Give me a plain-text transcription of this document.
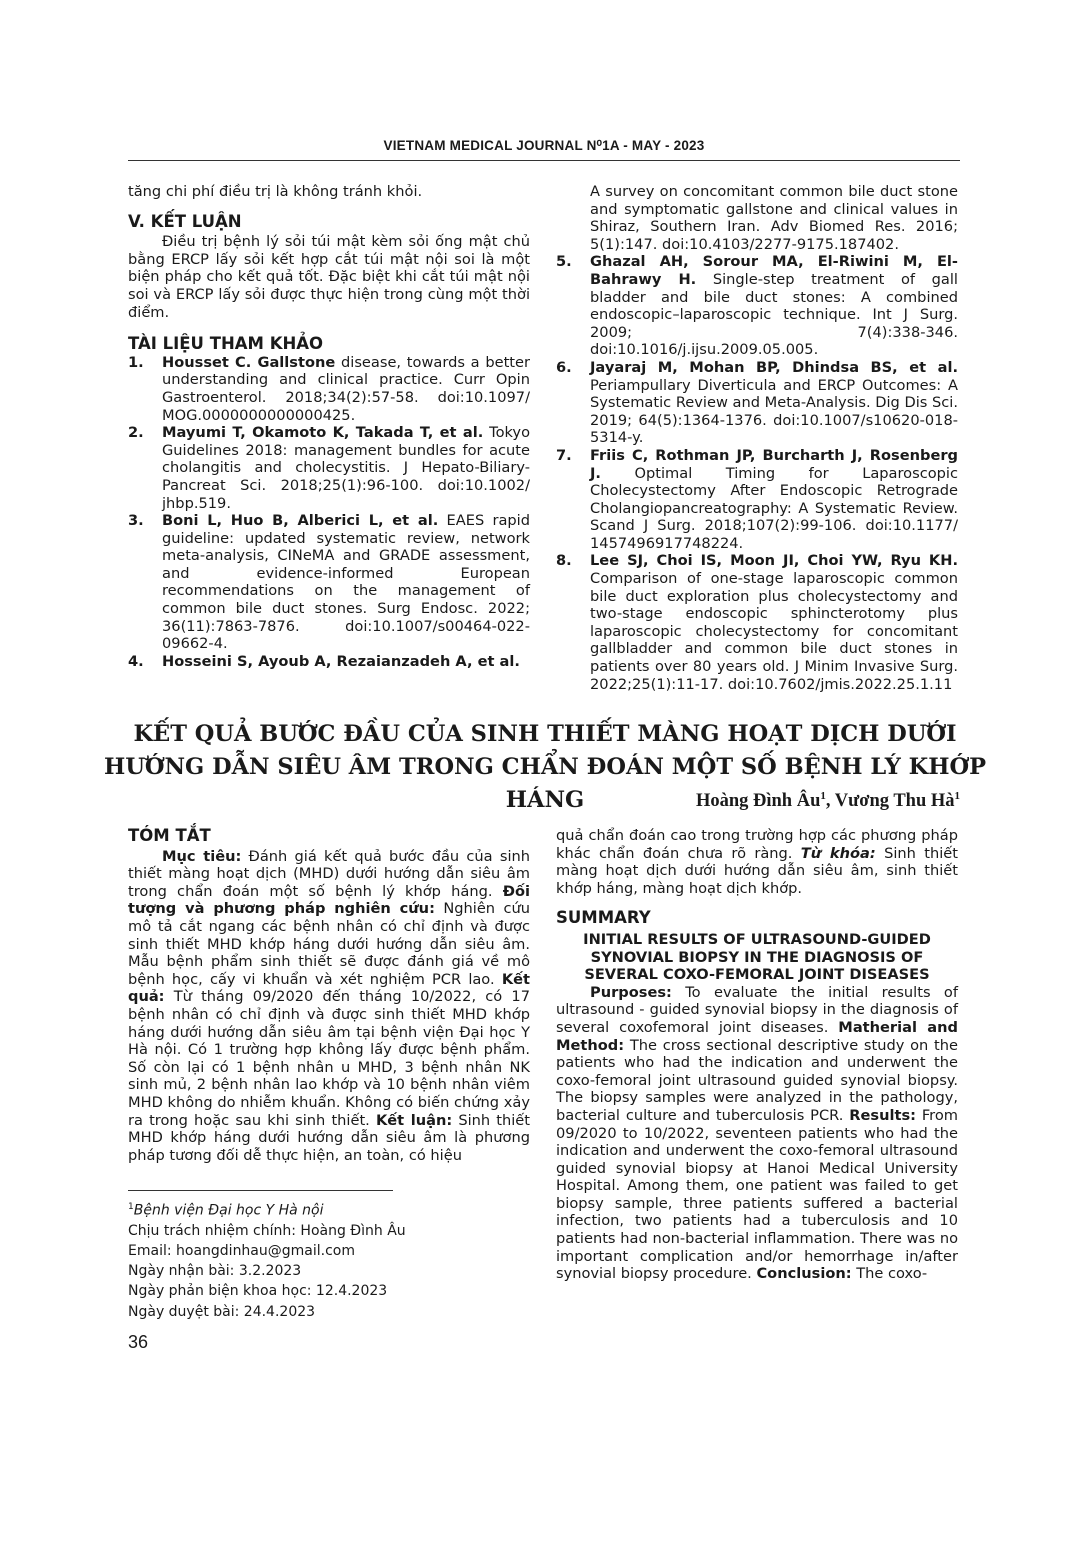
VIETNAM MEDICAL JOURNAL N⁰1A - MAY - 2023

tăng chi phí điều trị là không tránh khỏi.

V. KẾT LUẬN

Điều trị bệnh lý sỏi túi mật kèm sỏi ống mật chủ bằng ERCP lấy sỏi kết hợp cắt túi mật nội soi là một biện pháp cho kết quả tốt. Đặc biệt khi cắt túi mật nội soi và ERCP lấy sỏi được thực hiện trong cùng một thời điểm.

TÀI LIỆU THAM KHẢO

1. Housset C. Gallstone disease, towards a better understanding and clinical practice. Curr Opin Gastroenterol. 2018;34(2):57-58. doi:10.1097/ MOG.0000000000000425.
2. Mayumi T, Okamoto K, Takada T, et al. Tokyo Guidelines 2018: management bundles for acute cholangitis and cholecystitis. J Hepato-Biliary-Pancreat Sci. 2018;25(1):96-100. doi:10.1002/ jhbp.519.
3. Boni L, Huo B, Alberici L, et al. EAES rapid guideline: updated systematic review, network meta-analysis, CINeMA and GRADE assessment, and evidence-informed European recommendations on the management of common bile duct stones. Surg Endosc. 2022; 36(11):7863-7876. doi:10.1007/s00464-022-09662-4.
4. Hosseini S, Ayoub A, Rezaianzadeh A, et al.
A survey on concomitant common bile duct stone and symptomatic gallstone and clinical values in Shiraz, Southern Iran. Adv Biomed Res. 2016; 5(1):147. doi:10.4103/2277-9175.187402.
5. Ghazal AH, Sorour MA, El-Riwini M, El-Bahrawy H. Single-step treatment of gall bladder and bile duct stones: A combined endoscopic–laparoscopic technique. Int J Surg. 2009; 7(4):338-346. doi:10.1016/j.ijsu.2009.05.005.
6. Jayaraj M, Mohan BP, Dhindsa BS, et al. Periampullary Diverticula and ERCP Outcomes: A Systematic Review and Meta-Analysis. Dig Dis Sci. 2019; 64(5):1364-1376. doi:10.1007/s10620-018-5314-y.
7. Friis C, Rothman JP, Burcharth J, Rosenberg J. Optimal Timing for Laparoscopic Cholecystectomy After Endoscopic Retrograde Cholangiopancreatography: A Systematic Review. Scand J Surg. 2018;107(2):99-106. doi:10.1177/ 1457496917748224.
8. Lee SJ, Choi IS, Moon JI, Choi YW, Ryu KH. Comparison of one-stage laparoscopic common bile duct exploration plus cholecystectomy and two-stage endoscopic sphincterotomy plus laparoscopic cholecystectomy for concomitant gallbladder and common bile duct stones in patients over 80 years old. J Minim Invasive Surg. 2022;25(1):11-17. doi:10.7602/jmis.2022.25.1.11
KẾT QUẢ BƯỚC ĐẦU CỦA SINH THIẾT MÀNG HOẠT DỊCH DƯỚI
HƯỚNG DẪN SIÊU ÂM TRONG CHẨN ĐOÁN MỘT SỐ BỆNH LÝ KHỚP HÁNG	Hoàng Đình $Âu^1$, Vương Thu $Hà^1$

TÓM TẮT

Mục tiêu: Đánh giá kết quả bước đầu của sinh thiết màng hoạt dịch (MHD) dưới hướng dẫn siêu âm trong chẩn đoán một số bệnh lý khớp háng. Đối tượng và phương pháp nghiên cứu: Nghiên cứu mô tả cắt ngang các bệnh nhân có chỉ định và được sinh thiết MHD khớp háng dưới hướng dẫn siêu âm. Mẫu bệnh phẩm sinh thiết sẽ được đánh giá về mô bệnh học, cấy vi khuẩn và xét nghiệm PCR lao. Kết quả: Từ tháng 09/2020 đến tháng 10/2022, có 17 bệnh nhân có chỉ định và được sinh thiết MHD khớp háng dưới hướng dẫn siêu âm tại bệnh viện Đại học Y Hà nội. Có 1 trường hợp không lấy được bệnh phẩm. Số còn lại có 1 bệnh nhân u MHD, 3 bệnh nhân NK sinh mủ, 2 bệnh nhân lao khớp và 10 bệnh nhân viêm MHD không do nhiễm khuẩn. Không có biến chứng xảy ra trong hoặc sau khi sinh thiết. Kết luận: Sinh thiết MHD khớp háng dưới hướng dẫn siêu âm là phương pháp tương đối dễ thực hiện, an toàn, có hiệu

quả chẩn đoán cao trong trường hợp các phương pháp khác chẩn đoán chưa rõ ràng. Từ khóa: Sinh thiết màng hoạt dịch dưới hướng dẫn siêu âm, sinh thiết khớp háng, màng hoạt dịch khớp.

SUMMARY

INITIAL RESULTS OF ULTRASOUND-GUIDED SYNOVIAL BIOPSY IN THE DIAGNOSIS OF SEVERAL COXO-FEMORAL JOINT DISEASES

Purposes: To evaluate the initial results of ultrasound - guided synovial biopsy in the diagnosis of several coxofemoral joint diseases. Matherial and Method: The cross sectional descriptive study on the patients who had the indication and underwent the coxo-femoral joint ultrasound guided synovial biopsy. The biopsy samples were analyzed in the pathology, bacterial culture and tuberculosis PCR. Results: From 09/2020 to 10/2022, seventeen patients who had the indication and underwent the coxo-femoral ultrasound guided synovial biopsy at Hanoi Medical University Hospital. Among them, one patient was failed to get biopsy sample, three patients suffered a bacterial infection, two patients had a tuberculosis and 10 patients had non-bacterial inflammation. There was no important complication and/or hemorrhage in/after synovial biopsy procedure. Conclusion: The coxo-

$^1$Bệnh viện Đại học Y Hà nội
Chịu trách nhiệm chính: Hoàng Đình Âu
Email: hoangdinhau@gmail.com
Ngày nhận bài: 3.2.2023
Ngày phản biện khoa học: 12.4.2023
Ngày duyệt bài: 24.4.2023
36
